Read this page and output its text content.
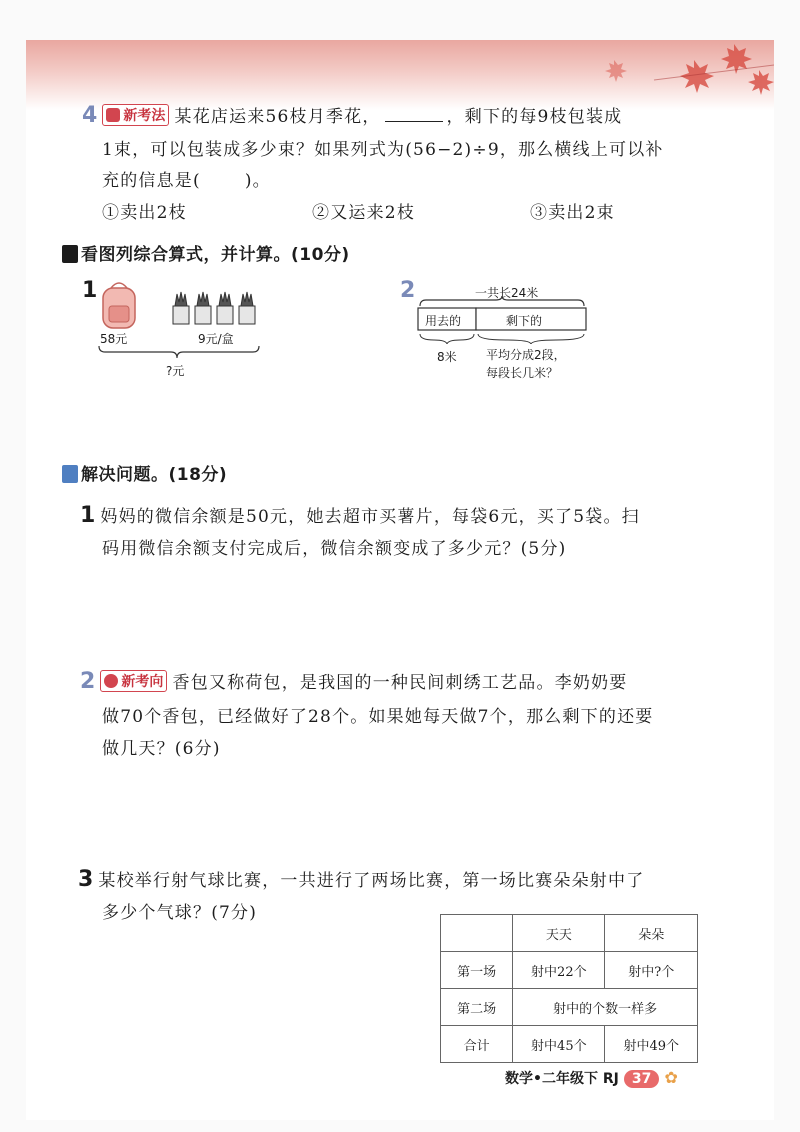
4 新考法 某花店运来56枝月季花，	，剩下的每9枝包装成
1束，可以包装成多少束？如果列式为(56−2)÷9，那么横线上可以补
充的信息是(	)。
①卖出2枝	②又运来2枝	③卖出2束
看图列综合算式，并计算。(10分)
1
58元	9元/盒
?元
2	一共长24米
用去的	剩下的
8米 平均分成2段，
每段长几米？
解决问题。(18分)
1 妈妈的微信余额是50元，她去超市买薯片，每袋6元，买了5袋。扫
码用微信余额支付完成后，微信余额变成了多少元？(5分)
2 新考向 香包又称荷包，是我国的一种民间刺绣工艺品。李奶奶要
做70个香包，已经做好了28个。如果她每天做7个，那么剩下的还要
做几天？(6分)
3 某校举行射气球比赛，一共进行了两场比赛，第一场比赛朵朵射中了
多少个气球？(7分)
	天天	朵朵
第一场	射中22个	射中?个
第二场	射中的个数一样多	
合计	射中45个	射中49个
数学•二年级下 RJ 37 ✿
